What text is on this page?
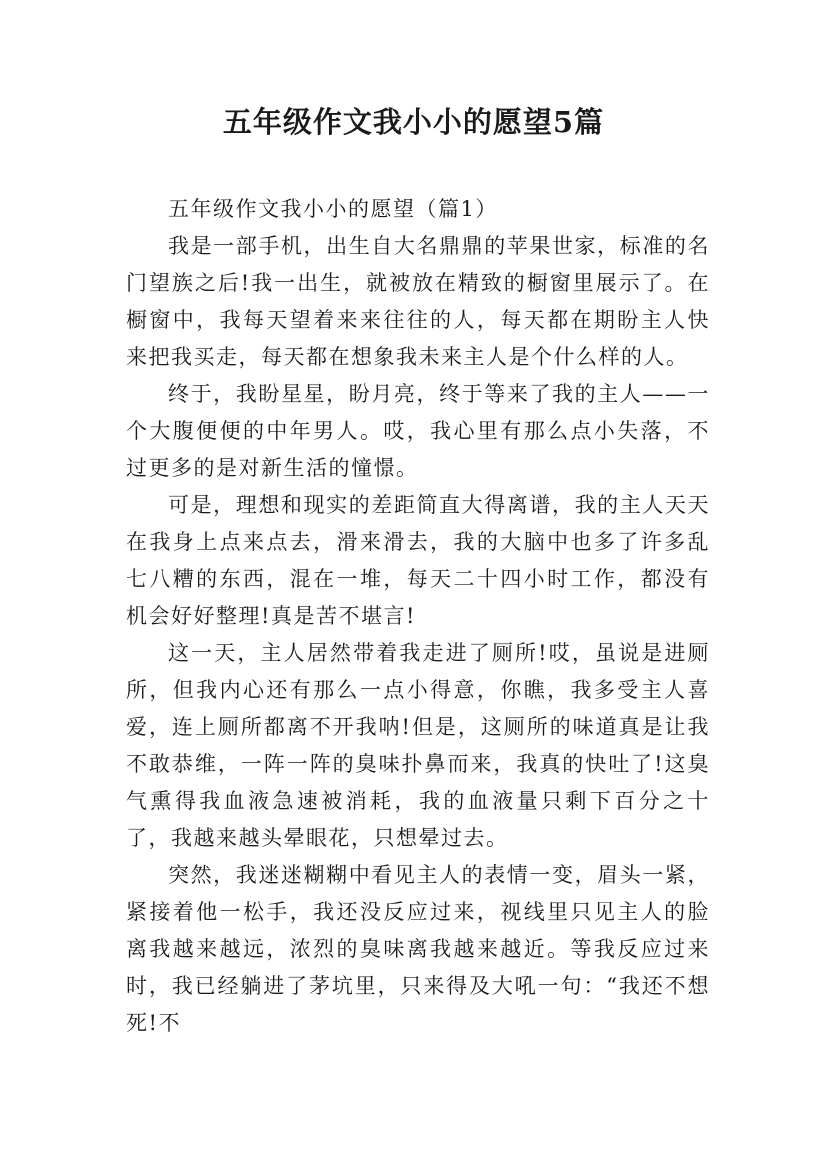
五年级作文我小小的愿望5篇

五年级作文我小小的愿望（篇1）

我是一部手机，出生自大名鼎鼎的苹果世家，标准的名门望族之后!我一出生，就被放在精致的橱窗里展示了。在橱窗中，我每天望着来来往往的人，每天都在期盼主人快来把我买走，每天都在想象我未来主人是个什么样的人。

终于，我盼星星，盼月亮，终于等来了我的主人——一个大腹便便的中年男人。哎，我心里有那么点小失落，不过更多的是对新生活的憧憬。

可是，理想和现实的差距简直大得离谱，我的主人天天在我身上点来点去，滑来滑去，我的大脑中也多了许多乱七八糟的东西，混在一堆，每天二十四小时工作，都没有机会好好整理!真是苦不堪言!

这一天，主人居然带着我走进了厕所!哎，虽说是进厕所，但我内心还有那么一点小得意，你瞧，我多受主人喜爱，连上厕所都离不开我呐!但是，这厕所的味道真是让我不敢恭维，一阵一阵的臭味扑鼻而来，我真的快吐了!这臭气熏得我血液急速被消耗，我的血液量只剩下百分之十了，我越来越头晕眼花，只想晕过去。

突然，我迷迷糊糊中看见主人的表情一变，眉头一紧，紧接着他一松手，我还没反应过来，视线里只见主人的脸离我越来越远，浓烈的臭味离我越来越近。等我反应过来时，我已经躺进了茅坑里，只来得及大吼一句：“我还不想死!不
